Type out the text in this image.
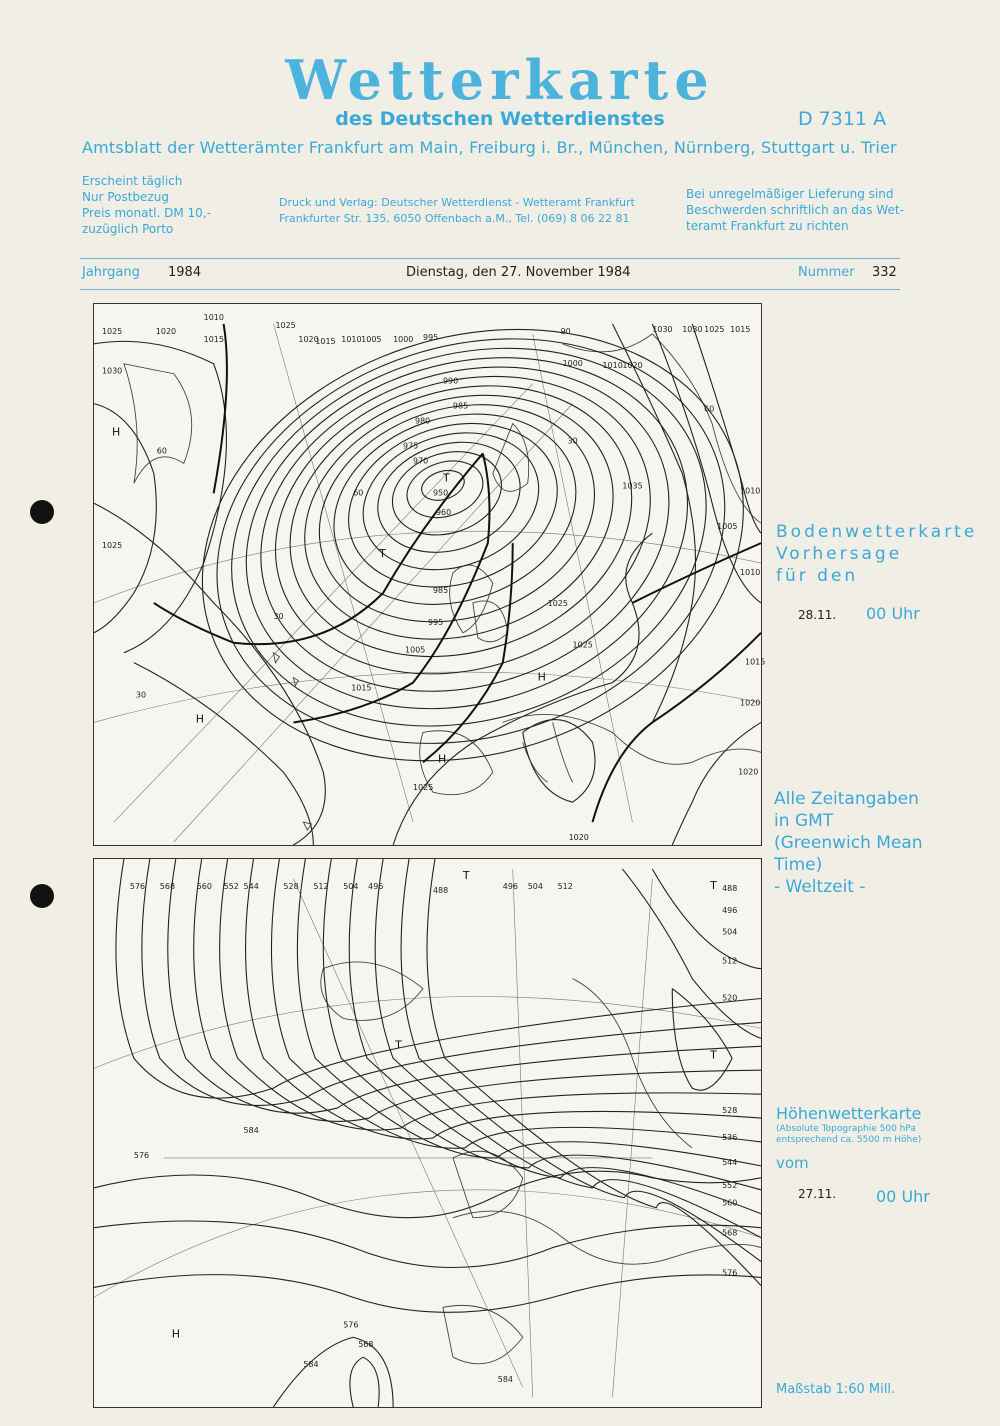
Wetterkarte
des Deutschen Wetterdienstes	D 7311 A
Amtsblatt der Wetterämter Frankfurt am Main, Freiburg i. Br., München, Nürnberg, Stuttgart u. Trier
Erscheint täglich
Nur Postbezug
Preis monatl. DM 10,-
zuzüglich Porto
Druck und Verlag: Deutscher Wetterdienst - Wetteramt Frankfurt
Frankfurter Str. 135, 6050 Offenbach a.M., Tel. (069) 8 06 22 81
Bei unregelmäßiger Lieferung sind
Beschwerden schriftlich an das Wet-
teramt Frankfurt zu richten
Jahrgang 1984	Dienstag, den 27. November 1984	Nummer 332
1025	1020
1010
1015
1025
1020
1015 1010 1005 1000 995
990
985
980
975
970
960
950
985
995
1005
1015
1025
1000 1010 1020
1030 1030 1025 1015
1035
1010
1005
1010
1025
1015
1020
1020
1025
1020
1030
1025
60
60
30
30
90
30
60
H
H
H
H
T
T
576 568	560 552 544	528 512 504 496	488	496 504 512	488
496
504
512
520
528
536
544
552
560
568
576
576
584
576
568
584
584
T
T
T
T
H
Bodenwetterkarte
Vorhersage
für den
28.11. 00 Uhr
Alle Zeitangaben
in GMT
(Greenwich Mean
Time)
- Weltzeit -
Höhenwetterkarte
(Absolute Topographie 500 hPa
entsprechend ca. 5500 m Höhe)
vom
27.11. 00 Uhr
Maßstab 1:60 Mill.
